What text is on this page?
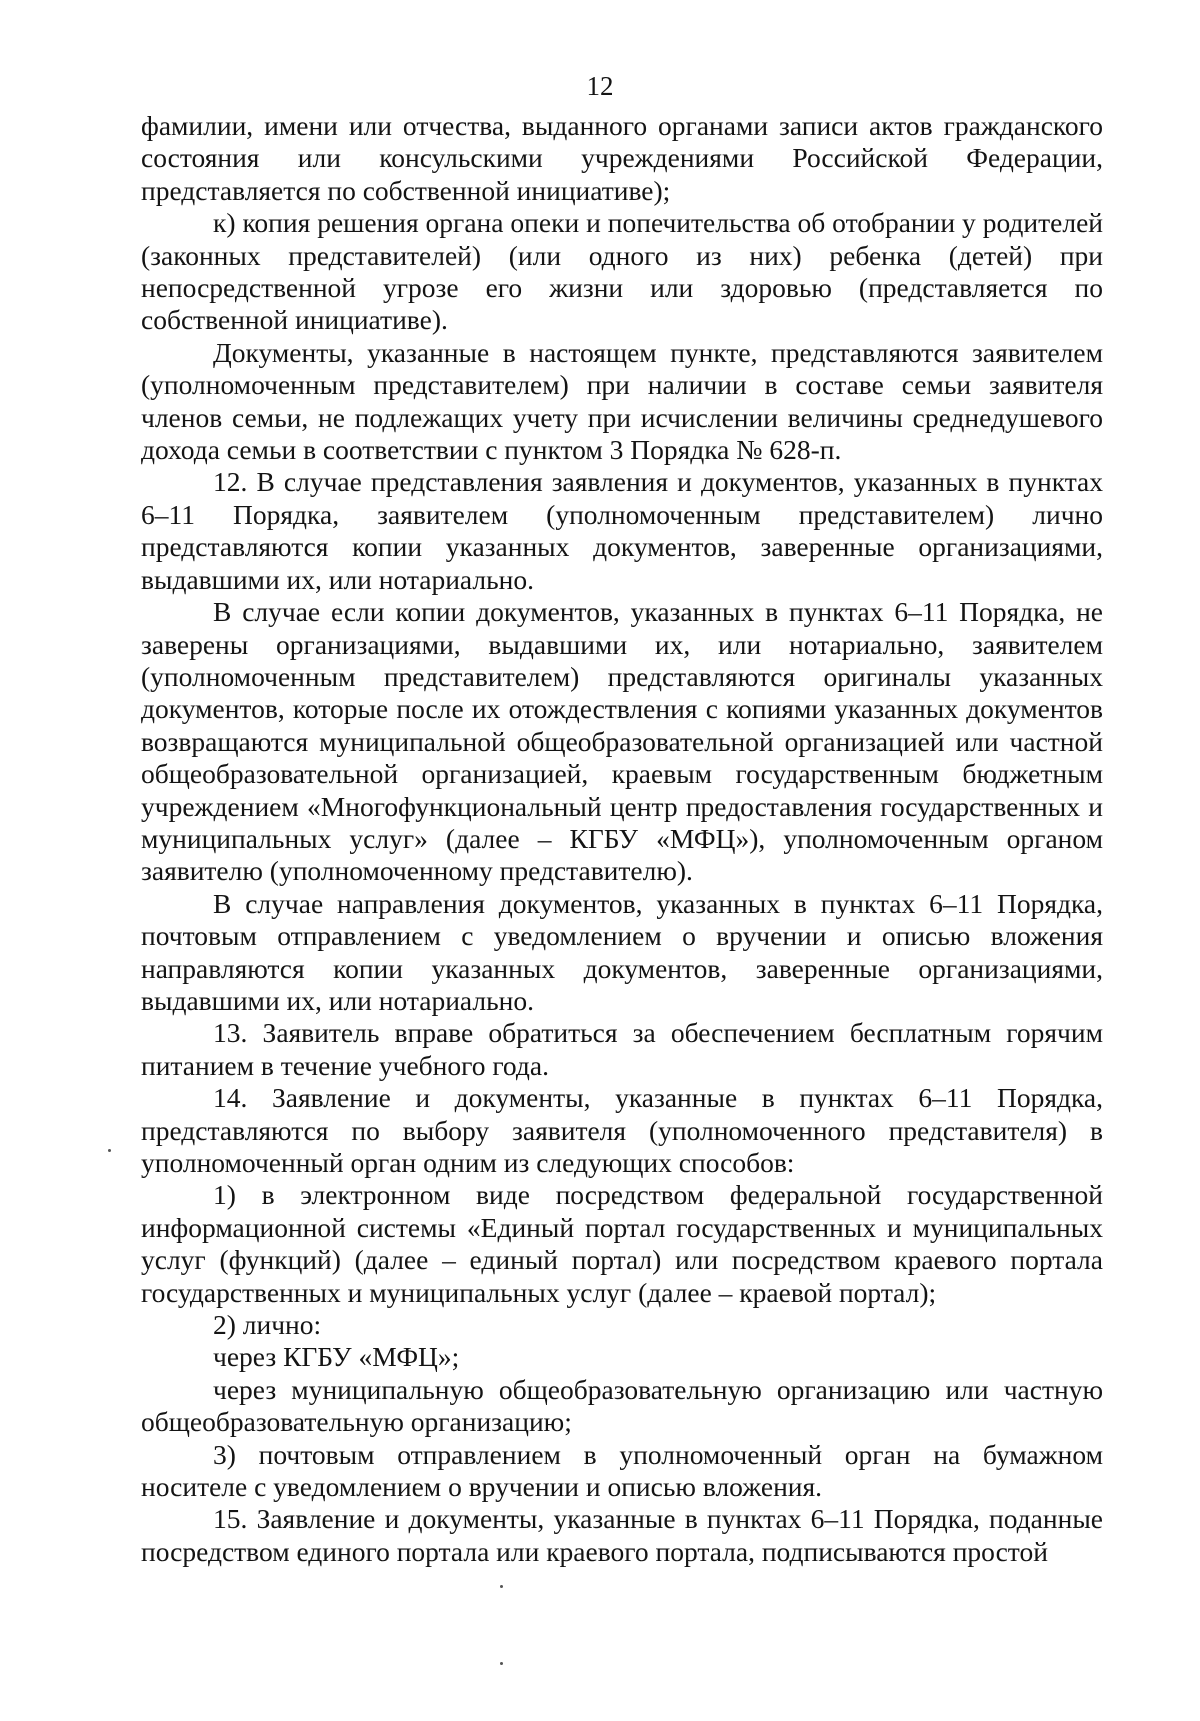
12

фамилии, имени или отчества, выданного органами записи актов гражданского состояния или консульскими учреждениями Российской Федерации, представляется по собственной инициативе);

к) копия решения органа опеки и попечительства об отобрании у родителей (законных представителей) (или одного из них) ребенка (детей) при непосредственной угрозе его жизни или здоровью (представляется по собственной инициативе).

Документы, указанные в настоящем пункте, представляются заявителем (уполномоченным представителем) при наличии в составе семьи заявителя членов семьи, не подлежащих учету при исчислении величины среднедушевого дохода семьи в соответствии с пунктом 3 Порядка № 628-п.

12. В случае представления заявления и документов, указанных в пунктах 6–11 Порядка, заявителем (уполномоченным представителем) лично представляются копии указанных документов, заверенные организациями, выдавшими их, или нотариально.

В случае если копии документов, указанных в пунктах 6–11 Порядка, не заверены организациями, выдавшими их, или нотариально, заявителем (уполномоченным представителем) представляются оригиналы указанных документов, которые после их отождествления с копиями указанных документов возвращаются муниципальной общеобразовательной организацией или частной общеобразовательной организацией, краевым государственным бюджетным учреждением «Многофункциональный центр предоставления государственных и муниципальных услуг» (далее – КГБУ «МФЦ»), уполномоченным органом заявителю (уполномоченному представителю).

В случае направления документов, указанных в пунктах 6–11 Порядка, почтовым отправлением с уведомлением о вручении и описью вложения направляются копии указанных документов, заверенные организациями, выдавшими их, или нотариально.

13. Заявитель вправе обратиться за обеспечением бесплатным горячим питанием в течение учебного года.

14. Заявление и документы, указанные в пунктах 6–11 Порядка, представляются по выбору заявителя (уполномоченного представителя) в уполномоченный орган одним из следующих способов:

1) в электронном виде посредством федеральной государственной информационной системы «Единый портал государственных и муниципальных услуг (функций) (далее – единый портал) или посредством краевого портала государственных и муниципальных услуг (далее – краевой портал);

2) лично:

через КГБУ «МФЦ»;

через муниципальную общеобразовательную организацию или частную общеобразовательную организацию;

3) почтовым отправлением в уполномоченный орган на бумажном носителе с уведомлением о вручении и описью вложения.

15. Заявление и документы, указанные в пунктах 6–11 Порядка, поданные посредством единого портала или краевого портала, подписываются простой
